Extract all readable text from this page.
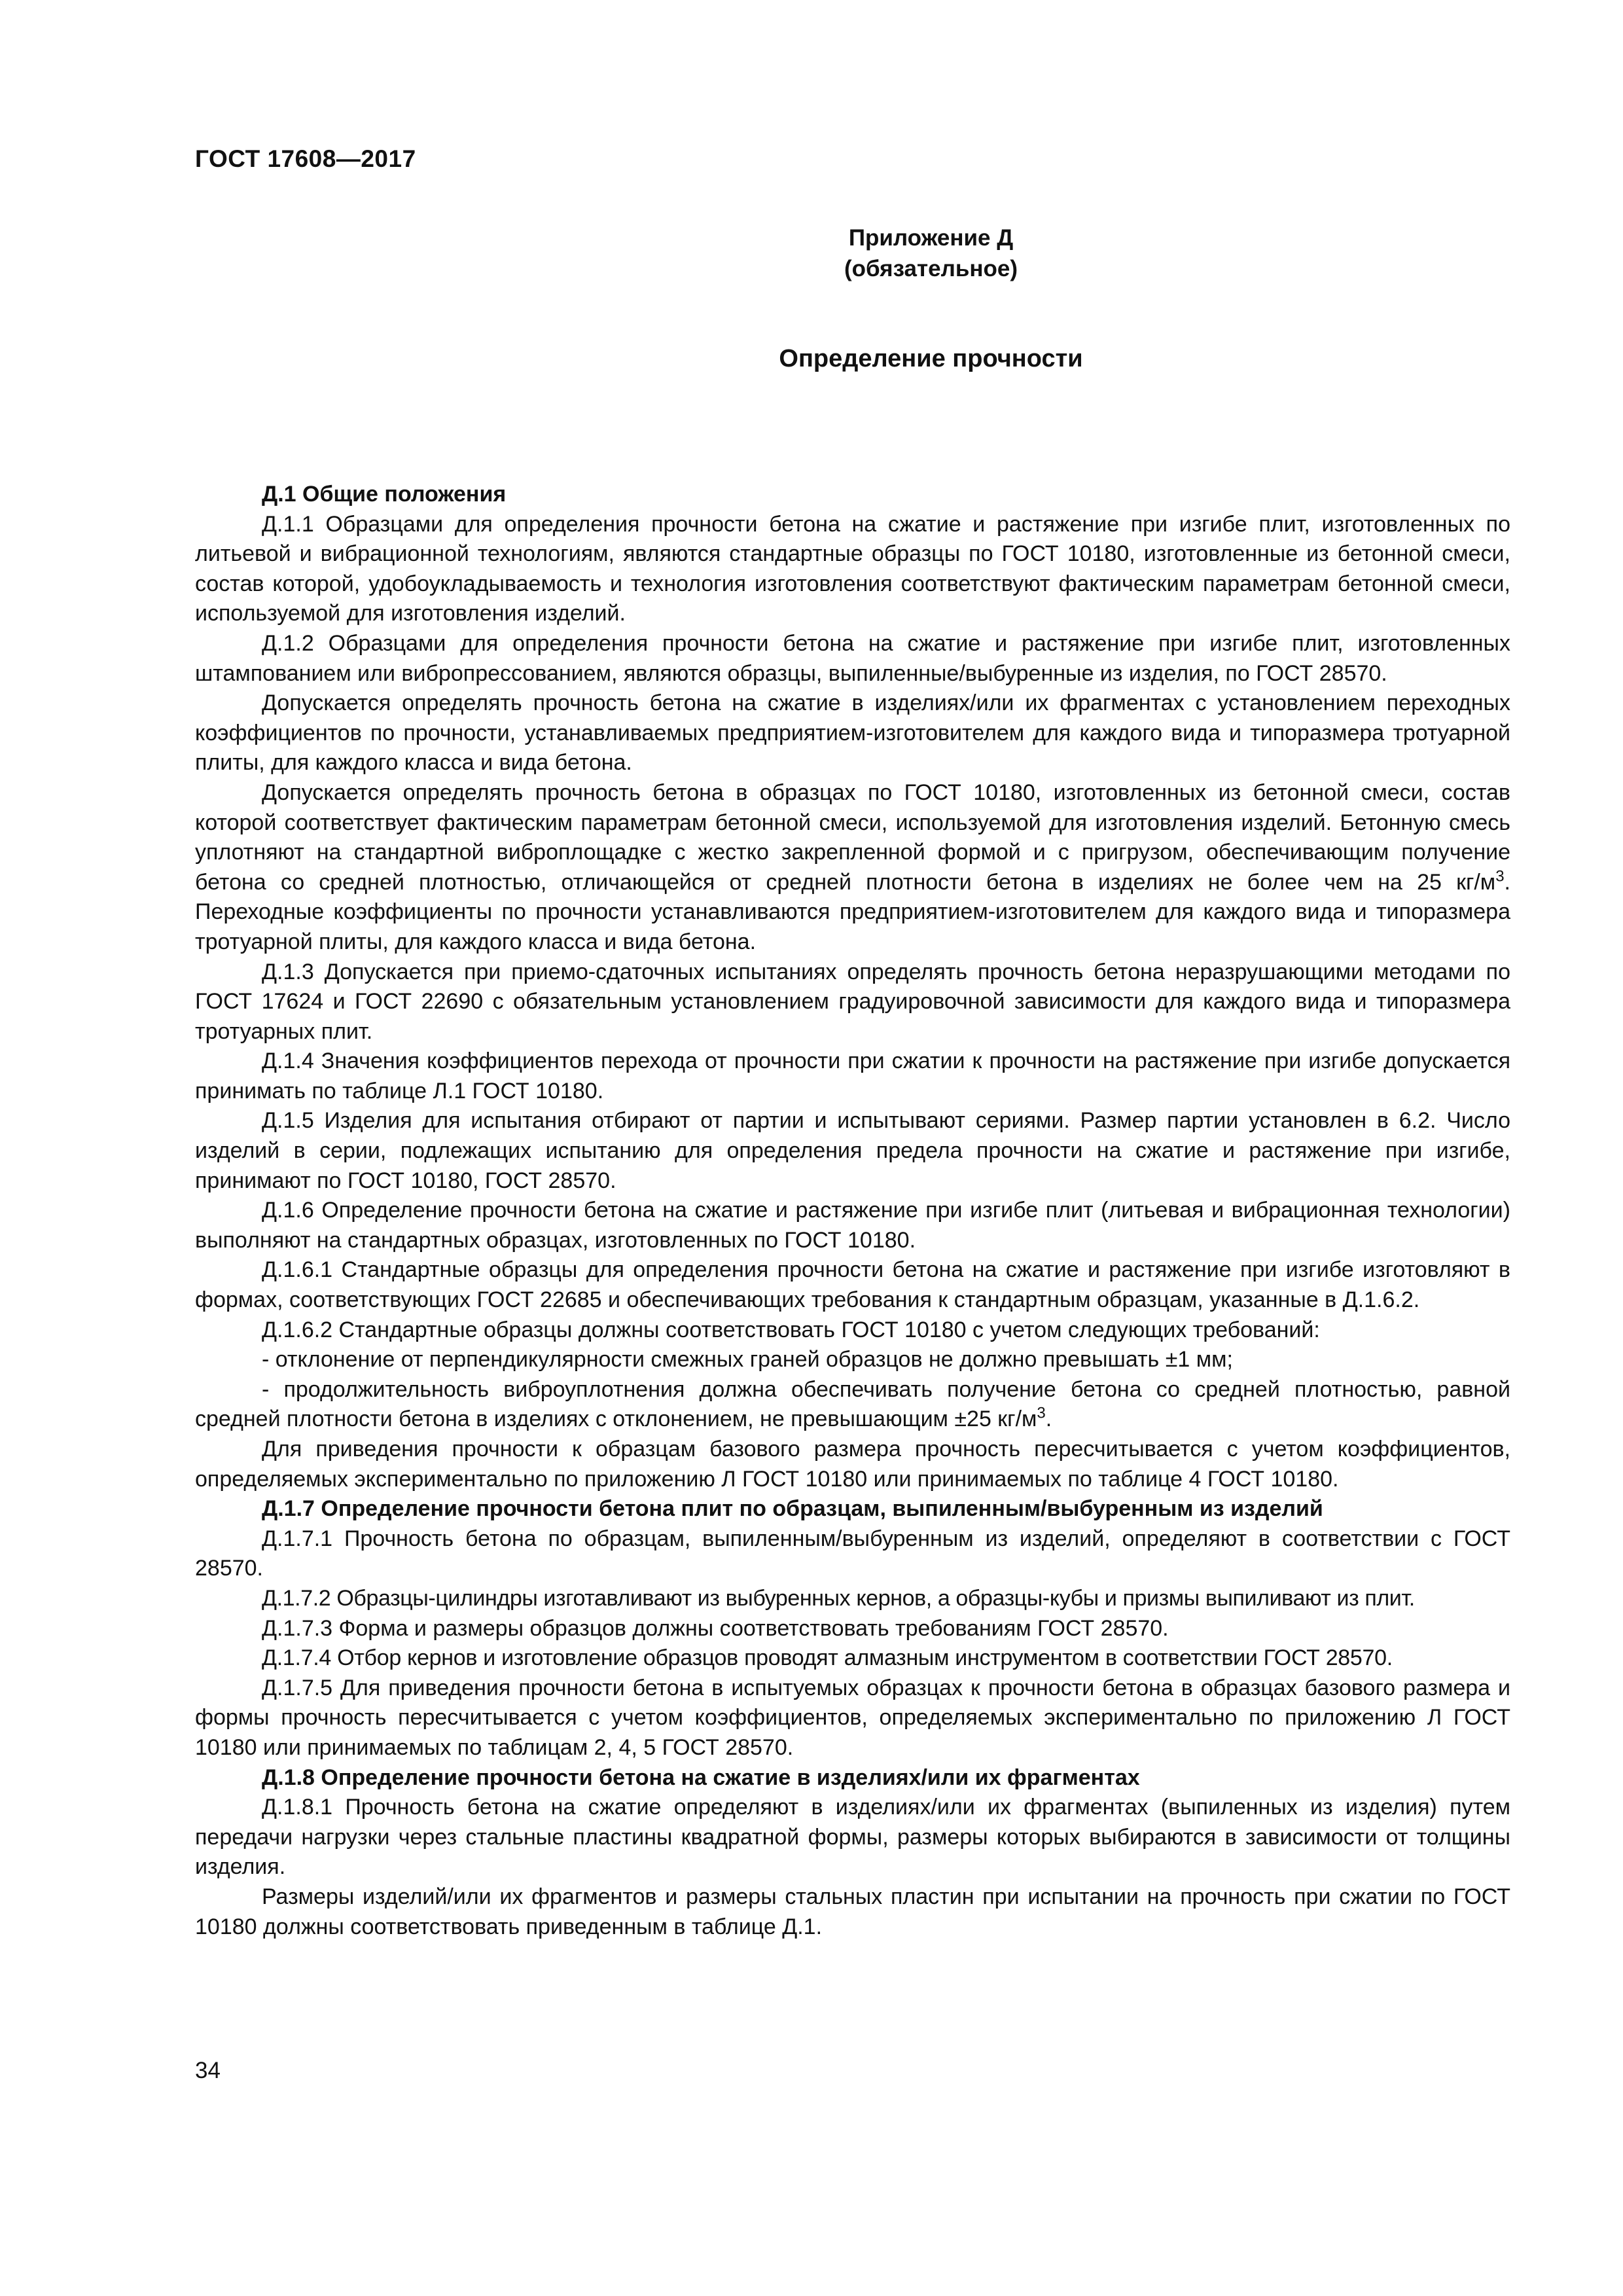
ГОСТ 17608—2017
Приложение Д
(обязательное)
Определение прочности

Д.1 Общие положения

Д.1.1 Образцами для определения прочности бетона на сжатие и растяжение при изгибе плит, изготовленных по литьевой и вибрационной технологиям, являются стандартные образцы по ГОСТ 10180, изготовленные из бетонной смеси, состав которой, удобоукладываемость и технология изготовления соответствуют фактическим параметрам бетонной смеси, используемой для изготовления изделий.

Д.1.2 Образцами для определения прочности бетона на сжатие и растяжение при изгибе плит, изготовленных штампованием или вибропрессованием, являются образцы, выпиленные/выбуренные из изделия, по ГОСТ 28570.

Допускается определять прочность бетона на сжатие в изделиях/или их фрагментах с установлением переходных коэффициентов по прочности, устанавливаемых предприятием-изготовителем для каждого вида и типоразмера тротуарной плиты, для каждого класса и вида бетона.

Допускается определять прочность бетона в образцах по ГОСТ 10180, изготовленных из бетонной смеси, состав которой соответствует фактическим параметрам бетонной смеси, используемой для изготовления изделий. Бетонную смесь уплотняют на стандартной виброплощадке с жестко закрепленной формой и с пригрузом, обеспечивающим получение бетона со средней плотностью, отличающейся от средней плотности бетона в изделиях не более чем на 25 $кг/м^3$. Переходные коэффициенты по прочности устанавливаются предприятием-изготовителем для каждого вида и типоразмера тротуарной плиты, для каждого класса и вида бетона.

Д.1.3 Допускается при приемо-сдаточных испытаниях определять прочность бетона неразрушающими методами по ГОСТ 17624 и ГОСТ 22690 с обязательным установлением градуировочной зависимости для каждого вида и типоразмера тротуарных плит.

Д.1.4 Значения коэффициентов перехода от прочности при сжатии к прочности на растяжение при изгибе допускается принимать по таблице Л.1 ГОСТ 10180.

Д.1.5 Изделия для испытания отбирают от партии и испытывают сериями. Размер партии установлен в 6.2. Число изделий в серии, подлежащих испытанию для определения предела прочности на сжатие и растяжение при изгибе, принимают по ГОСТ 10180, ГОСТ 28570.

Д.1.6 Определение прочности бетона на сжатие и растяжение при изгибе плит (литьевая и вибрационная технологии) выполняют на стандартных образцах, изготовленных по ГОСТ 10180.

Д.1.6.1 Стандартные образцы для определения прочности бетона на сжатие и растяжение при изгибе изготовляют в формах, соответствующих ГОСТ 22685 и обеспечивающих требования к стандартным образцам, указанные в Д.1.6.2.

Д.1.6.2 Стандартные образцы должны соответствовать ГОСТ 10180 с учетом следующих требований:

- отклонение от перпендикулярности смежных граней образцов не должно превышать ±1 мм;

- продолжительность виброуплотнения должна обеспечивать получение бетона со средней плотностью, равной средней плотности бетона в изделиях с отклонением, не превышающим ±25 $кг/м^3$.

Для приведения прочности к образцам базового размера прочность пересчитывается с учетом коэффициентов, определяемых экспериментально по приложению Л ГОСТ 10180 или принимаемых по таблице 4 ГОСТ 10180.

Д.1.7 Определение прочности бетона плит по образцам, выпиленным/выбуренным из изделий

Д.1.7.1 Прочность бетона по образцам, выпиленным/выбуренным из изделий, определяют в соответствии с ГОСТ 28570.

Д.1.7.2 Образцы-цилиндры изготавливают из выбуренных кернов, а образцы-кубы и призмы выпиливают из плит.

Д.1.7.3 Форма и размеры образцов должны соответствовать требованиям ГОСТ 28570.

Д.1.7.4 Отбор кернов и изготовление образцов проводят алмазным инструментом в соответствии ГОСТ 28570.

Д.1.7.5 Для приведения прочности бетона в испытуемых образцах к прочности бетона в образцах базового размера и формы прочность пересчитывается с учетом коэффициентов, определяемых экспериментально по приложению Л ГОСТ 10180 или принимаемых по таблицам 2, 4, 5 ГОСТ 28570.

Д.1.8 Определение прочности бетона на сжатие в изделиях/или их фрагментах

Д.1.8.1 Прочность бетона на сжатие определяют в изделиях/или их фрагментах (выпиленных из изделия) путем передачи нагрузки через стальные пластины квадратной формы, размеры которых выбираются в зависимости от толщины изделия.

Размеры изделий/или их фрагментов и размеры стальных пластин при испытании на прочность при сжатии по ГОСТ 10180 должны соответствовать приведенным в таблице Д.1.

34
